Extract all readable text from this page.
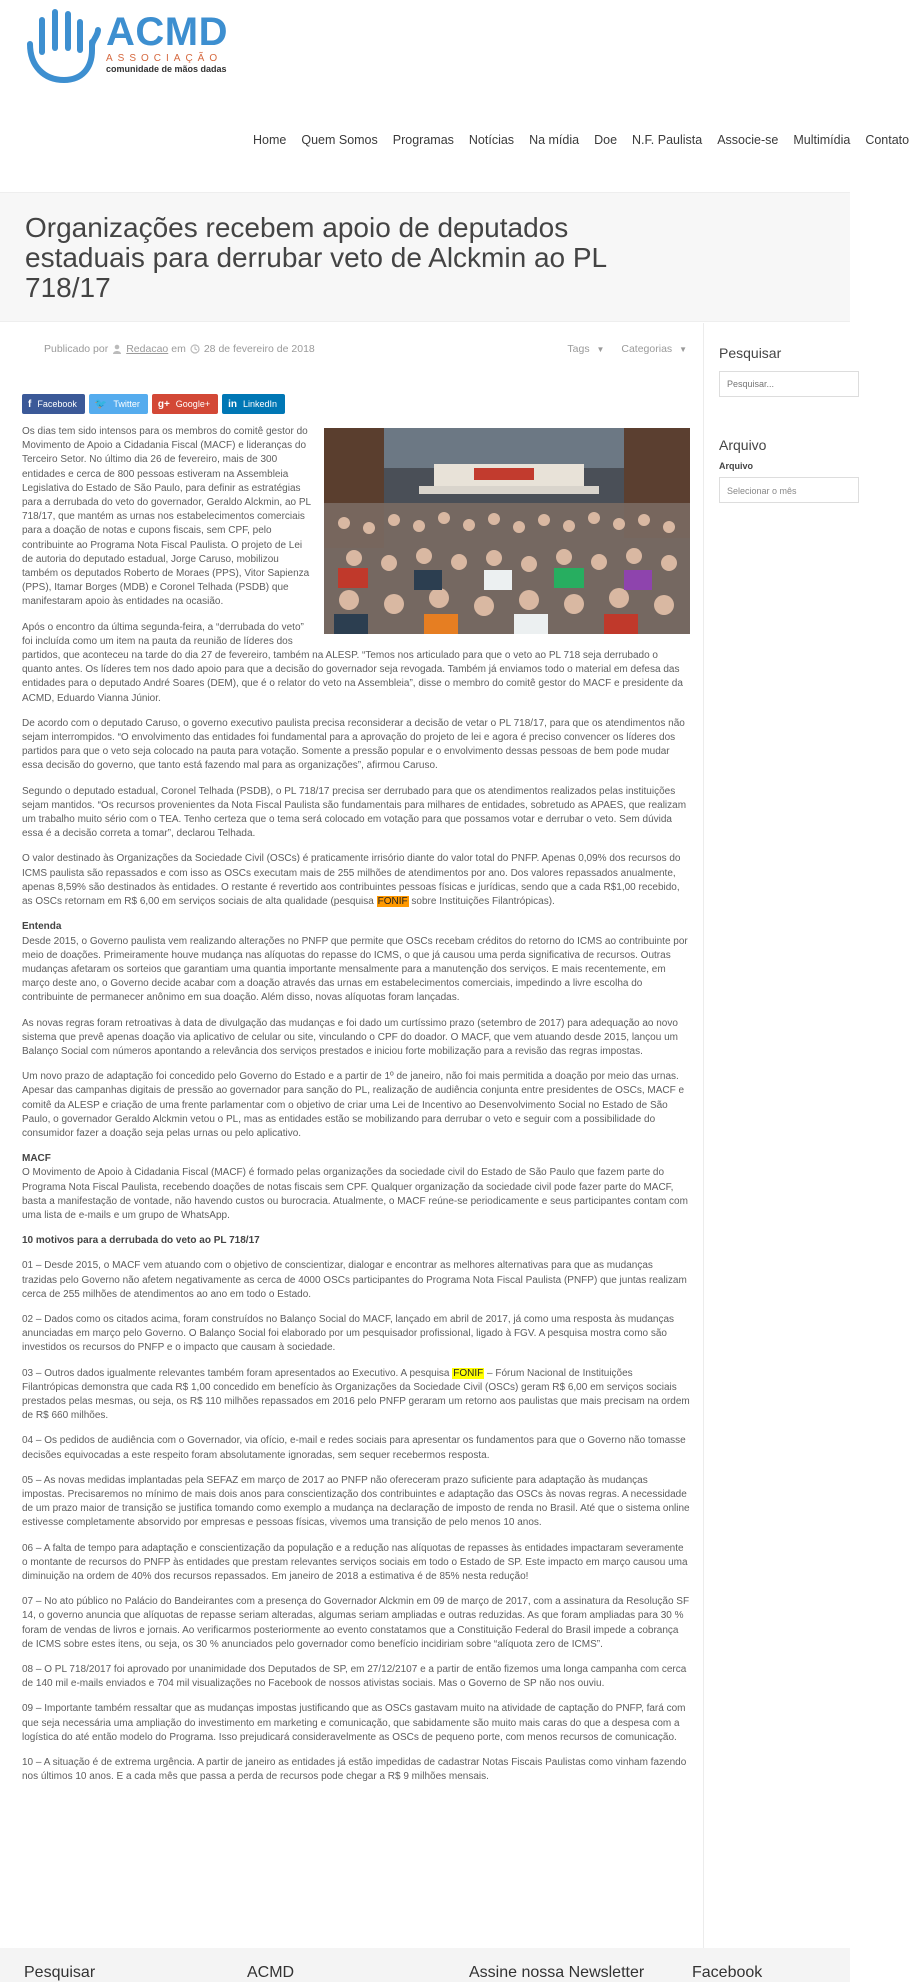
ACMD
ASSOCIAÇÃO
comunidade de mãos dadas
Home Quem Somos Programas Notícias Na mídia Doe N.F. Paulista Associe-se Multimídia Contato
Organizações recebem apoio de deputados estaduais para derrubar veto de Alckmin ao PL 718/17
Publicado por Redacao em 28 de fevereiro de 2018	Tags ▼ Categorias ▼
f Facebook 🐦 Twitter g+ Google+ in LinkedIn

Os dias tem sido intensos para os membros do comitê gestor do Movimento de Apoio a Cidadania Fiscal (MACF) e lideranças do Terceiro Setor. No último dia 26 de fevereiro, mais de 300 entidades e cerca de 800 pessoas estiveram na Assembleia Legislativa do Estado de São Paulo, para definir as estratégias para a derrubada do veto do governador, Geraldo Alckmin, ao PL 718/17, que mantém as urnas nos estabelecimentos comerciais para a doação de notas e cupons fiscais, sem CPF, pelo contribuinte ao Programa Nota Fiscal Paulista. O projeto de Lei de autoria do deputado estadual, Jorge Caruso, mobilizou também os deputados Roberto de Moraes (PPS), Vitor Sapienza (PPS), Itamar Borges (MDB) e Coronel Telhada (PSDB) que manifestaram apoio às entidades na ocasião.

Após o encontro da última segunda-feira, a “derrubada do veto” foi incluída como um item na pauta da reunião de líderes dos partidos, que aconteceu na tarde do dia 27 de fevereiro, também na ALESP. “Temos nos articulado para que o veto ao PL 718 seja derrubado o quanto antes. Os líderes tem nos dado apoio para que a decisão do governador seja revogada. Também já enviamos todo o material em defesa das entidades para o deputado André Soares (DEM), que é o relator do veto na Assembleia”, disse o membro do comitê gestor do MACF e presidente da ACMD, Eduardo Vianna Júnior.

De acordo com o deputado Caruso, o governo executivo paulista precisa reconsiderar a decisão de vetar o PL 718/17, para que os atendimentos não sejam interrompidos. “O envolvimento das entidades foi fundamental para a aprovação do projeto de lei e agora é preciso convencer os líderes dos partidos para que o veto seja colocado na pauta para votação. Somente a pressão popular e o envolvimento dessas pessoas de bem pode mudar essa decisão do governo, que tanto está fazendo mal para as organizações”, afirmou Caruso.

Segundo o deputado estadual, Coronel Telhada (PSDB), o PL 718/17 precisa ser derrubado para que os atendimentos realizados pelas instituições sejam mantidos. “Os recursos provenientes da Nota Fiscal Paulista são fundamentais para milhares de entidades, sobretudo as APAES, que realizam um trabalho muito sério com o TEA. Tenho certeza que o tema será colocado em votação para que possamos votar e derrubar o veto. Sem dúvida essa é a decisão correta a tomar”, declarou Telhada.

O valor destinado às Organizações da Sociedade Civil (OSCs) é praticamente irrisório diante do valor total do PNFP. Apenas 0,09% dos recursos do ICMS paulista são repassados e com isso as OSCs executam mais de 255 milhões de atendimentos por ano. Dos valores repassados anualmente, apenas 8,59% são destinados às entidades. O restante é revertido aos contribuintes pessoas físicas e jurídicas, sendo que a cada R$1,00 recebido, as OSCs retornam em R$ 6,00 em serviços sociais de alta qualidade (pesquisa FONIF sobre Instituições Filantrópicas).

Entenda

Desde 2015, o Governo paulista vem realizando alterações no PNFP que permite que OSCs recebam créditos do retorno do ICMS ao contribuinte por meio de doações. Primeiramente houve mudança nas alíquotas do repasse do ICMS, o que já causou uma perda significativa de recursos. Outras mudanças afetaram os sorteios que garantiam uma quantia importante mensalmente para a manutenção dos serviços. E mais recentemente, em março deste ano, o Governo decide acabar com a doação através das urnas em estabelecimentos comerciais, impedindo a livre escolha do contribuinte de permanecer anônimo em sua doação. Além disso, novas alíquotas foram lançadas.

As novas regras foram retroativas à data de divulgação das mudanças e foi dado um curtíssimo prazo (setembro de 2017) para adequação ao novo sistema que prevê apenas doação via aplicativo de celular ou site, vinculando o CPF do doador. O MACF, que vem atuando desde 2015, lançou um Balanço Social com números apontando a relevância dos serviços prestados e iniciou forte mobilização para a revisão das regras impostas.

Um novo prazo de adaptação foi concedido pelo Governo do Estado e a partir de 1º de janeiro, não foi mais permitida a doação por meio das urnas. Apesar das campanhas digitais de pressão ao governador para sanção do PL, realização de audiência conjunta entre presidentes de OSCs, MACF e comitê da ALESP e criação de uma frente parlamentar com o objetivo de criar uma Lei de Incentivo ao Desenvolvimento Social no Estado de São Paulo, o governador Geraldo Alckmin vetou o PL, mas as entidades estão se mobilizando para derrubar o veto e seguir com a possibilidade do consumidor fazer a doação seja pelas urnas ou pelo aplicativo.

MACF

O Movimento de Apoio à Cidadania Fiscal (MACF) é formado pelas organizações da sociedade civil do Estado de São Paulo que fazem parte do Programa Nota Fiscal Paulista, recebendo doações de notas fiscais sem CPF. Qualquer organização da sociedade civil pode fazer parte do MACF, basta a manifestação de vontade, não havendo custos ou burocracia. Atualmente, o MACF reúne-se periodicamente e seus participantes contam com uma lista de e-mails e um grupo de WhatsApp.

10 motivos para a derrubada do veto ao PL 718/17

01 – Desde 2015, o MACF vem atuando com o objetivo de conscientizar, dialogar e encontrar as melhores alternativas para que as mudanças trazidas pelo Governo não afetem negativamente as cerca de 4000 OSCs participantes do Programa Nota Fiscal Paulista (PNFP) que juntas realizam cerca de 255 milhões de atendimentos ao ano em todo o Estado.

02 – Dados como os citados acima, foram construídos no Balanço Social do MACF, lançado em abril de 2017, já como uma resposta às mudanças anunciadas em março pelo Governo. O Balanço Social foi elaborado por um pesquisador profissional, ligado à FGV. A pesquisa mostra como são investidos os recursos do PNFP e o impacto que causam à sociedade.

03 – Outros dados igualmente relevantes também foram apresentados ao Executivo. A pesquisa FONIF – Fórum Nacional de Instituições Filantrópicas demonstra que cada R$ 1,00 concedido em benefício às Organizações da Sociedade Civil (OSCs) geram R$ 6,00 em serviços sociais prestados pelas mesmas, ou seja, os R$ 110 milhões repassados em 2016 pelo PNFP geraram um retorno aos paulistas que mais precisam na ordem de R$ 660 milhões.

04 – Os pedidos de audiência com o Governador, via ofício, e-mail e redes sociais para apresentar os fundamentos para que o Governo não tomasse decisões equivocadas a este respeito foram absolutamente ignoradas, sem sequer recebermos resposta.

05 – As novas medidas implantadas pela SEFAZ em março de 2017 ao PNFP não ofereceram prazo suficiente para adaptação às mudanças impostas. Precisaremos no mínimo de mais dois anos para conscientização dos contribuintes e adaptação das OSCs às novas regras. A necessidade de um prazo maior de transição se justifica tomando como exemplo a mudança na declaração de imposto de renda no Brasil. Até que o sistema online estivesse completamente absorvido por empresas e pessoas físicas, vivemos uma transição de pelo menos 10 anos.

06 – A falta de tempo para adaptação e conscientização da população e a redução nas alíquotas de repasses às entidades impactaram severamente o montante de recursos do PNFP às entidades que prestam relevantes serviços sociais em todo o Estado de SP. Este impacto em março causou uma diminuição na ordem de 40% dos recursos repassados. Em janeiro de 2018 a estimativa é de 85% nesta redução!

07 – No ato público no Palácio do Bandeirantes com a presença do Governador Alckmin em 09 de março de 2017, com a assinatura da Resolução SF 14, o governo anuncia que alíquotas de repasse seriam alteradas, algumas seriam ampliadas e outras reduzidas. As que foram ampliadas para 30 % foram de vendas de livros e jornais. Ao verificarmos posteriormente ao evento constatamos que a Constituição Federal do Brasil impede a cobrança de ICMS sobre estes itens, ou seja, os 30 % anunciados pelo governador como benefício incidiriam sobre “alíquota zero de ICMS”.

08 – O PL 718/2017 foi aprovado por unanimidade dos Deputados de SP, em 27/12/2107 e a partir de então fizemos uma longa campanha com cerca de 140 mil e-mails enviados e 704 mil visualizações no Facebook de nossos ativistas sociais. Mas o Governo de SP não nos ouviu.

09 – Importante também ressaltar que as mudanças impostas justificando que as OSCs gastavam muito na atividade de captação do PNFP, fará com que seja necessária uma ampliação do investimento em marketing e comunicação, que sabidamente são muito mais caras do que a despesa com a logística do até então modelo do Programa. Isso prejudicará consideravelmente as OSCs de pequeno porte, com menos recursos de comunicação.

10 – A situação é de extrema urgência. A partir de janeiro as entidades já estão impedidas de cadastrar Notas Fiscais Paulistas como vinham fazendo nos últimos 10 anos. E a cada mês que passa a perda de recursos pode chegar a R$ 9 milhões mensais.

Pesquisar
Pesquisar...
Arquivo
Arquivo
Selecionar o mês
Pesquisar	ACMD	Assine nossa Newsletter	Facebook
